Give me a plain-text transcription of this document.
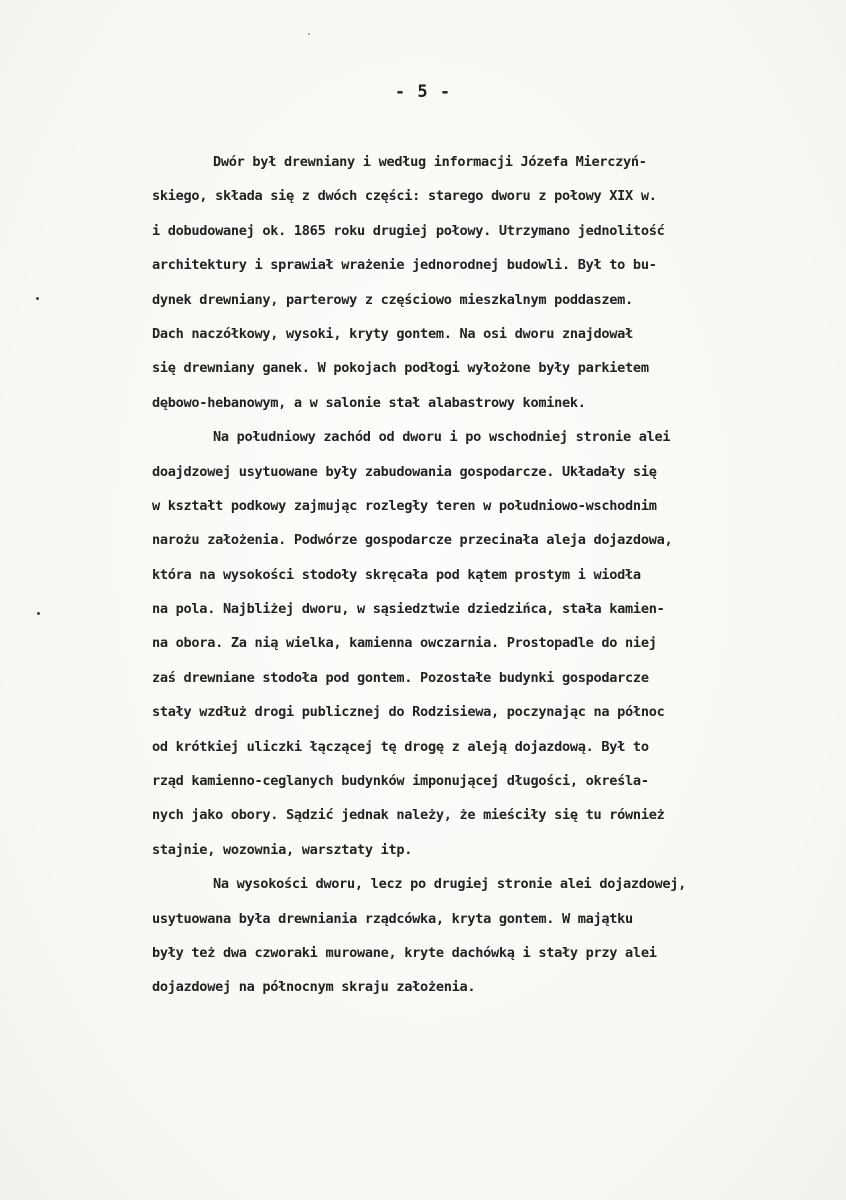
- 5 -
Dwór był drewniany i według informacji Józefa Mierczyń-
skiego, składa się z dwóch części: starego dworu z połowy XIX w.
i dobudowanej ok. 1865 roku drugiej połowy. Utrzymano jednolitość
architektury i sprawiał wrażenie jednorodnej budowli. Był to bu-
dynek drewniany, parterowy z częściowo mieszkalnym poddaszem.
Dach naczółkowy, wysoki, kryty gontem. Na osi dworu znajdował
się drewniany ganek. W pokojach podłogi wyłożone były parkietem
dębowo-hebanowym, a w salonie stał alabastrowy kominek.
Na południowy zachód od dworu i po wschodniej stronie alei
doajdzowej usytuowane były zabudowania gospodarcze. Układały się
w kształt podkowy zajmując rozległy teren w południowo-wschodnim
narożu założenia. Podwórze gospodarcze przecinała aleja dojazdowa,
która na wysokości stodoły skręcała pod kątem prostym i wiodła
na pola. Najbliżej dworu, w sąsiedztwie dziedzińca, stała kamien-
na obora. Za nią wielka, kamienna owczarnia. Prostopadle do niej
zaś drewniane stodoła pod gontem. Pozostałe budynki gospodarcze
stały wzdłuż drogi publicznej do Rodzisiewa, poczynając na północ
od krótkiej uliczki łączącej tę drogę z aleją dojazdową. Był to
rząd kamienno-ceglanych budynków imponującej długości, określa-
nych jako obory. Sądzić jednak należy, że mieściły się tu również
stajnie, wozownia, warsztaty itp.
Na wysokości dworu, lecz po drugiej stronie alei dojazdowej,
usytuowana była drewniania rządcówka, kryta gontem. W majątku
były też dwa czworaki murowane, kryte dachówką i stały przy alei
dojazdowej na północnym skraju założenia.
